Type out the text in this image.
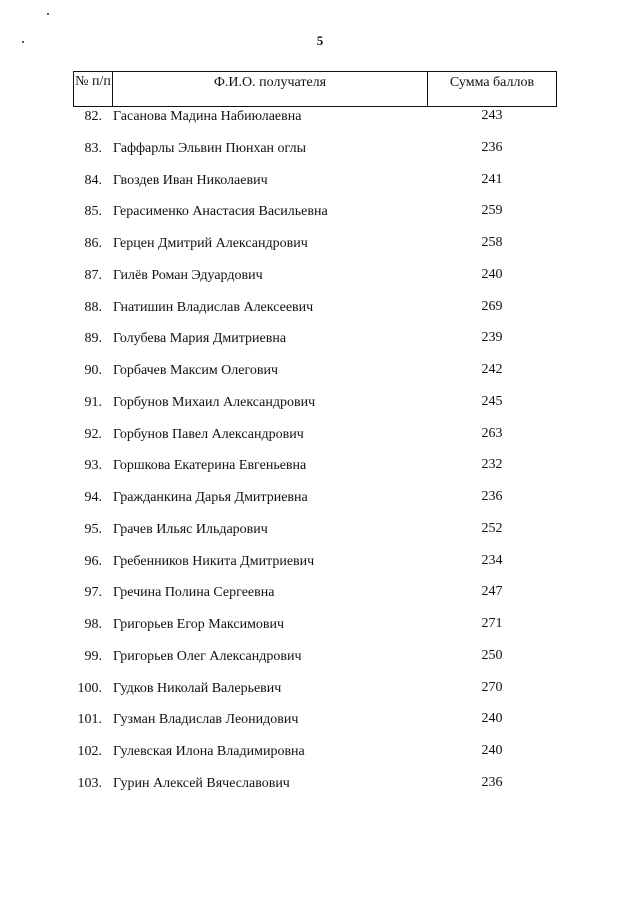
5
№ п/п	Ф.И.О. получателя	Сумма баллов
82. Гасанова Мадина Набиюлаевна	243
83. Гаффарлы Эльвин Пюнхан оглы	236
84. Гвоздев Иван Николаевич	241
85. Герасименко Анастасия Васильевна	259
86. Герцен Дмитрий Александрович	258
87. Гилёв Роман Эдуардович	240
88. Гнатишин Владислав Алексеевич	269
89. Голубева Мария Дмитриевна	239
90. Горбачев Максим Олегович	242
91. Горбунов Михаил Александрович	245
92. Горбунов Павел Александрович	263
93. Горшкова Екатерина Евгеньевна	232
94. Гражданкина Дарья Дмитриевна	236
95. Грачев Ильяс Ильдарович	252
96. Гребенников Никита Дмитриевич	234
97. Гречина Полина Сергеевна	247
98. Григорьев Егор Максимович	271
99. Григорьев Олег Александрович	250
100. Гудков Николай Валерьевич	270
101. Гузман Владислав Леонидович	240
102. Гулевская Илона Владимировна	240
103. Гурин Алексей Вячеславович	236
